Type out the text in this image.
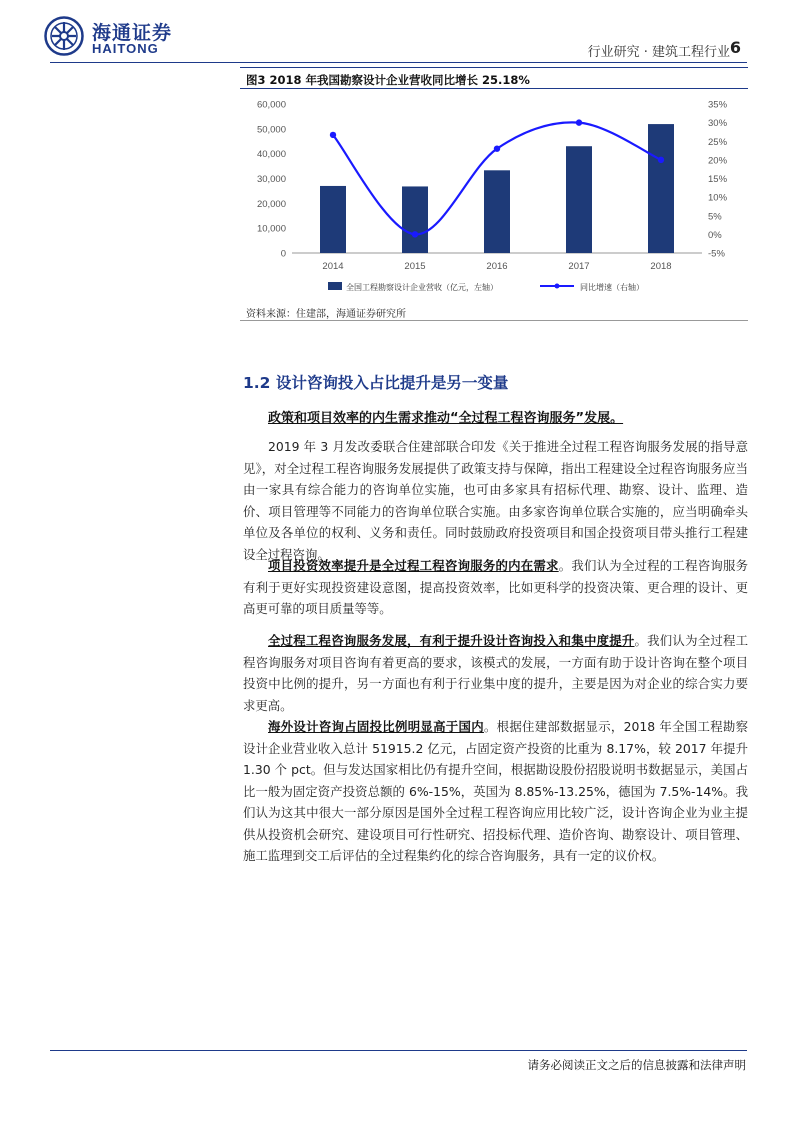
海通证券
HAITONG	行业研究 · 建筑工程行业 6
图3 2018 年我国勘察设计企业营收同比增长 25.18%
0
10,000
20,000
30,000
40,000
50,000
60,000
-5%
0%
5%
10%
15%
20%
25%
30%
35%
2014	2015	2016	2017	2018
全国工程勘察设计企业营收（亿元，左轴）	同比增速（右轴）
资料来源：住建部，海通证券研究所
1.2 设计咨询投入占比提升是另一变量
政策和项目效率的内生需求推动“全过程工程咨询服务”发展。

2019 年 3 月发改委联合住建部联合印发《关于推进全过程工程咨询服务发展的指导意见》，对全过程工程咨询服务发展提供了政策支持与保障，指出工程建设全过程咨询服务应当由一家具有综合能力的咨询单位实施，也可由多家具有招标代理、勘察、设计、监理、造价、项目管理等不同能力的咨询单位联合实施。由多家咨询单位联合实施的，应当明确牵头单位及各单位的权利、义务和责任。同时鼓励政府投资项目和国企投资项目带头推行工程建设全过程咨询。

项目投资效率提升是全过程工程咨询服务的内在需求。我们认为全过程的工程咨询服务有利于更好实现投资建设意图，提高投资效率，比如更科学的投资决策、更合理的设计、更高更可靠的项目质量等等。

全过程工程咨询服务发展，有利于提升设计咨询投入和集中度提升。我们认为全过程工程咨询服务对项目咨询有着更高的要求，该模式的发展，一方面有助于设计咨询在整个项目投资中比例的提升，另一方面也有利于行业集中度的提升，主要是因为对企业的综合实力要求更高。

海外设计咨询占固投比例明显高于国内。根据住建部数据显示，2018 年全国工程勘察设计企业营业收入总计 51915.2 亿元，占固定资产投资的比重为 8.17%，较 2017 年提升 1.30 个 pct。但与发达国家相比仍有提升空间，根据勘设股份招股说明书数据显示，美国占比一般为固定资产投资总额的 6%-15%，英国为 8.85%-13.25%，德国为 7.5%-14%。我们认为这其中很大一部分原因是国外全过程工程咨询应用比较广泛，设计咨询企业为业主提供从投资机会研究、建设项目可行性研究、招投标代理、造价咨询、勘察设计、项目管理、施工监理到交工后评估的全过程集约化的综合咨询服务，具有一定的议价权。

请务必阅读正文之后的信息披露和法律声明
